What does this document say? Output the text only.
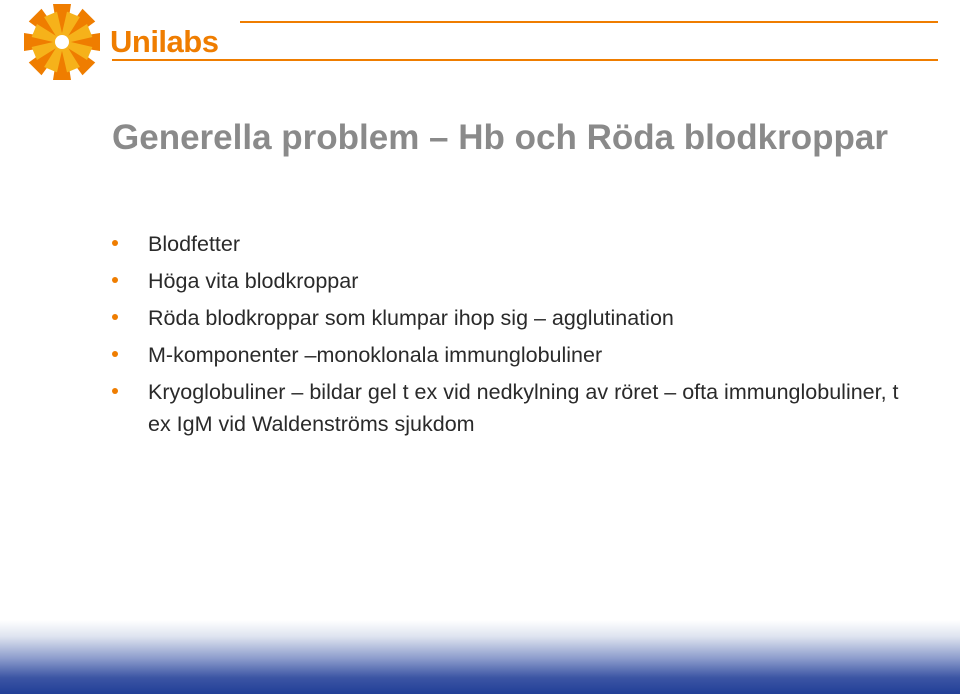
Unilabs
Generella problem – Hb och Röda blodkroppar
Blodfetter
Höga vita blodkroppar
Röda blodkroppar som klumpar ihop sig – agglutination
M-komponenter –monoklonala immunglobuliner
Kryoglobuliner – bildar gel t ex vid nedkylning av röret – ofta immunglobuliner, t ex IgM vid Waldenströms sjukdom
